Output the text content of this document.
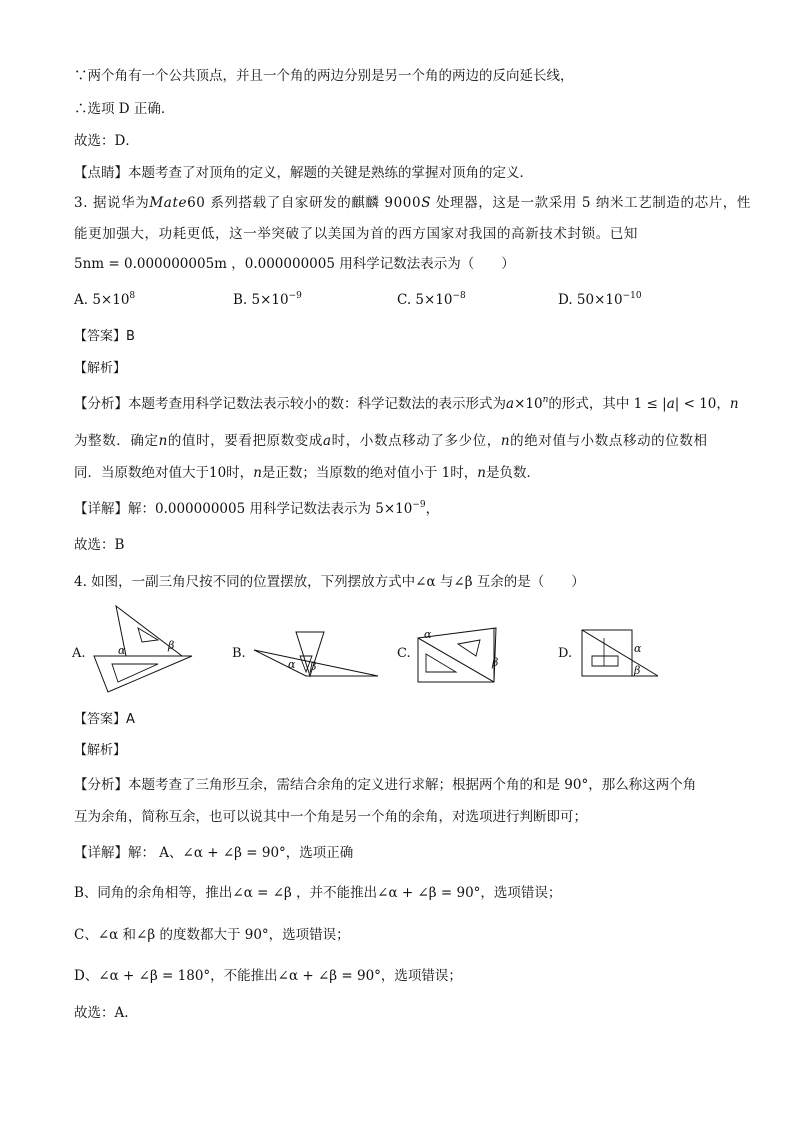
∵两个角有一个公共顶点，并且一个角的两边分别是另一个角的两边的反向延长线，
∴选项 D 正确．
故选：D．
【点睛】本题考查了对顶角的定义，解题的关键是熟练的掌握对顶角的定义．
3. 据说华为Mate60 系列搭载了自家研发的麒麟 9000S 处理器，这是一款采用 5 纳米工艺制造的芯片，性
能更加强大，功耗更低，这一举突破了以美国为首的西方国家对我国的高新技术封锁。已知
5nm = 0.000000005m ，0.000000005 用科学记数法表示为（　　）
A. $5\times 10^8$	B. $5\times 10^{-9}$	C. $5\times 10^{-8}$	D. $50\times 10^{-10}$
【答案】B
【解析】
【分析】本题考查用科学记数法表示较小的数：科学记数法的表示形式为$a\times 10^n$的形式，其中 1 ≤ |a| < 10，n
为整数．确定n的值时，要看把原数变成a时，小数点移动了多少位，n的绝对值与小数点移动的位数相
同．当原数绝对值大于10时，n是正数；当原数的绝对值小于 1时，n是负数．
【详解】解：0.000000005 用科学记数法表示为 $5\times 10^{-9}$，
故选：B
4. 如图，一副三角尺按不同的位置摆放，下列摆放方式中∠α 与∠β 互余的是（　　）
A.	α	β
B.
α β
C.
α
β
D.	α
β
【答案】A
【解析】
【分析】本题考查了三角形互余，需结合余角的定义进行求解；根据两个角的和是 90°，那么称这两个角
互为余角，简称互余，也可以说其中一个角是另一个角的余角，对选项进行判断即可；
【详解】解： A、∠α + ∠β = 90°，选项正确
B、同角的余角相等，推出∠α = ∠β ，并不能推出∠α + ∠β = 90°，选项错误；
C、∠α 和∠β 的度数都大于 90°，选项错误；
D、∠α + ∠β = 180°，不能推出∠α + ∠β = 90°，选项错误；
故选：A.
